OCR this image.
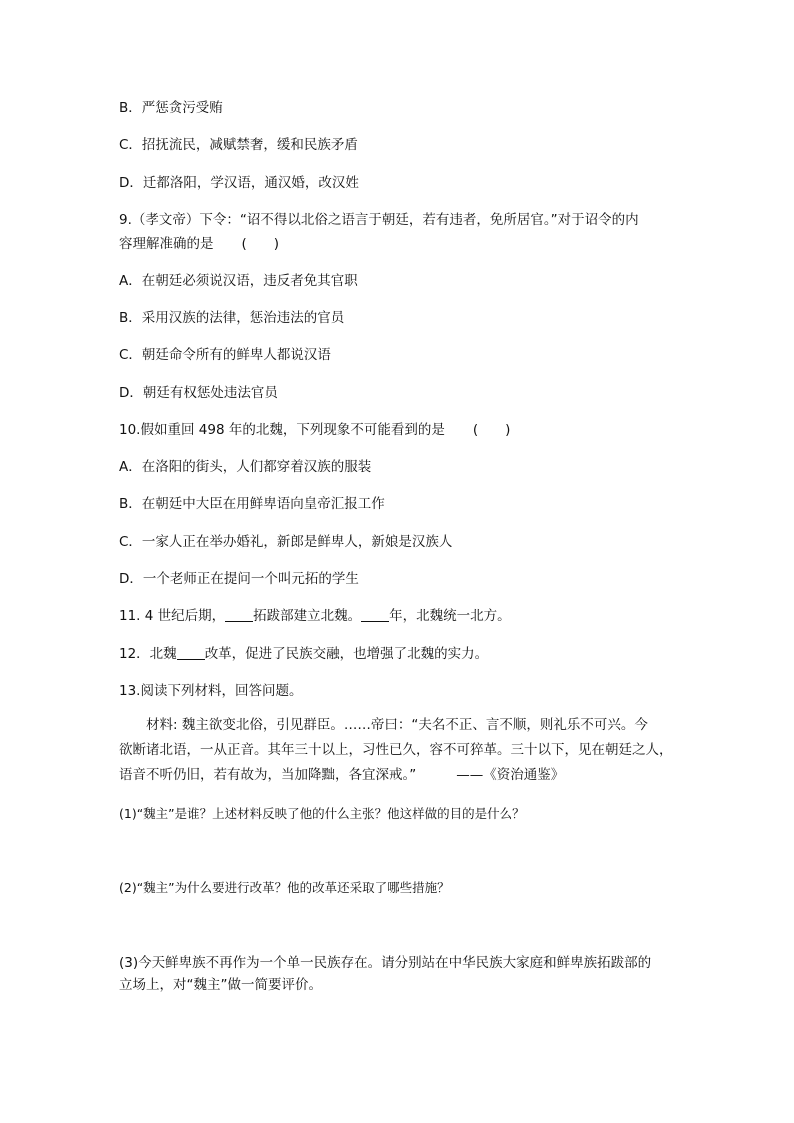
B．严惩贪污受贿
C．招抚流民，减赋禁奢，缓和民族矛盾
D．迁都洛阳，学汉语，通汉婚，改汉姓
9.（孝文帝）下令：“诏不得以北俗之语言于朝廷，若有违者，免所居官。”对于诏令的内
容理解准确的是 (　　)
A．在朝廷必须说汉语，违反者免其官职
B．采用汉族的法律，惩治违法的官员
C．朝廷命令所有的鲜卑人都说汉语
D．朝廷有权惩处违法官员
10.假如重回 498 年的北魏，下列现象不可能看到的是 (　　)
A．在洛阳的街头，人们都穿着汉族的服装
B．在朝廷中大臣在用鲜卑语向皇帝汇报工作
C．一家人正在举办婚礼，新郎是鲜卑人，新娘是汉族人
D．一个老师正在提问一个叫元拓的学生
11. 4 世纪后期， 拓跋部建立北魏。 年，北魏统一北方。
12．北魏 改革，促进了民族交融，也增强了北魏的实力。
13.阅读下列材料，回答问题。
材料: 魏主欲变北俗，引见群臣。……帝曰：“夫名不正、言不顺，则礼乐不可兴。今
欲断诸北语，一从正音。其年三十以上，习性已久，容不可猝革。三十以下，见在朝廷之人，
语音不听仍旧，若有故为，当加降黜，各宜深戒。”	——《资治通鉴》
(1)“魏主”是谁？上述材料反映了他的什么主张？他这样做的目的是什么？
(2)“魏主”为什么要进行改革？他的改革还采取了哪些措施？
(3)今天鲜卑族不再作为一个单一民族存在。请分别站在中华民族大家庭和鲜卑族拓跋部的
立场上，对“魏主”做一简要评价。
